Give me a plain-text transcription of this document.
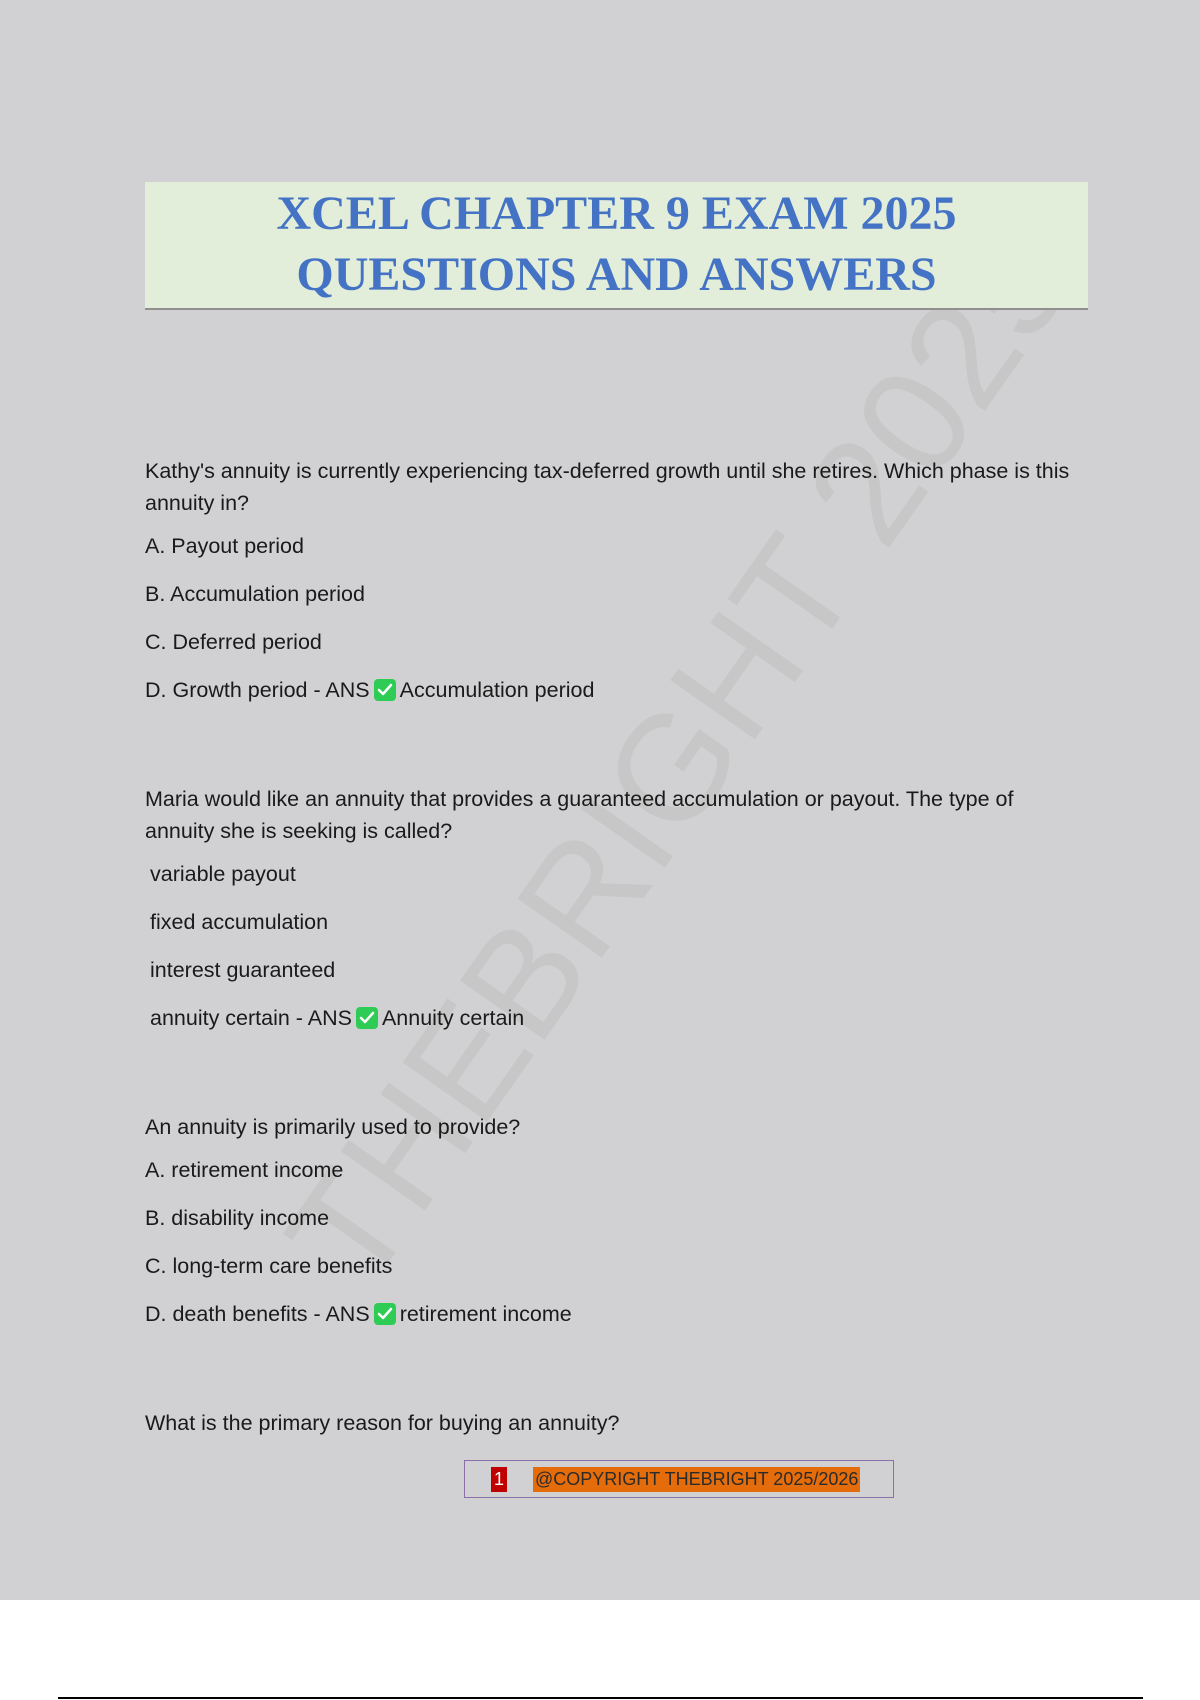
XCEL CHAPTER 9 EXAM 2025
QUESTIONS AND ANSWERS
Kathy's annuity is currently experiencing tax-deferred growth until she retires. Which phase is this annuity in?
A. Payout period
B. Accumulation period
C. Deferred period
D. Growth period - ANS Accumulation period
Maria would like an annuity that provides a guaranteed accumulation or payout. The type of annuity she is seeking is called?
variable payout
fixed accumulation
interest guaranteed
annuity certain - ANS Annuity certain
An annuity is primarily used to provide?
A. retirement income
B. disability income
C. long-term care benefits
D. death benefits - ANS retirement income
What is the primary reason for buying an annuity?
1 @COPYRIGHT THEBRIGHT 2025/2026
